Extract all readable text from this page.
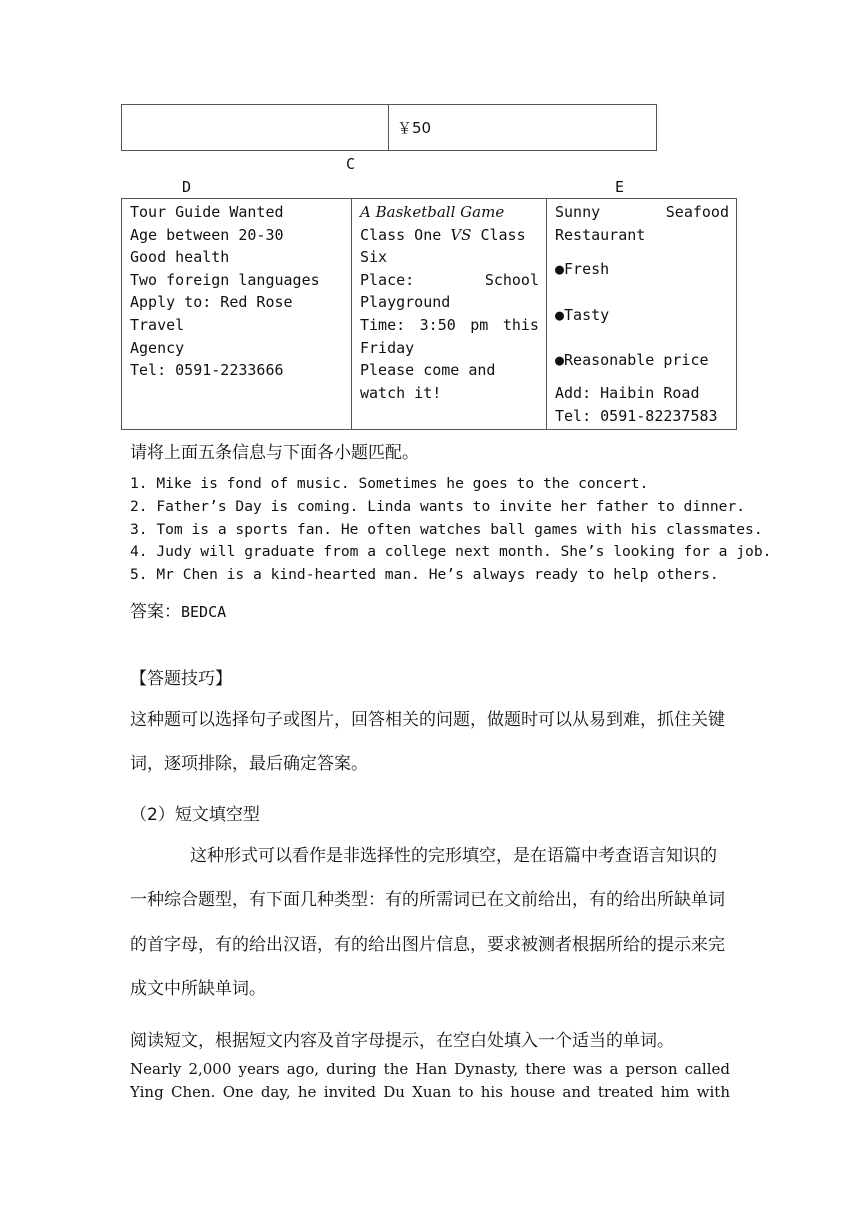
	￥50
C
D	E
Tour Guide Wanted
Age between 20-30
Good health
Two foreign languages
Apply to: Red Rose Travel
Agency
Tel: 0591-2233666

A Basketball Game
Class One VS Class Six
Place:	School
Playground
Time: 3:50 pm this
Friday
Please come and watch it!

Sunny	Seafood
Restaurant
●Fresh
●Tasty
●Reasonable price
Add: Haibin Road
Tel: 0591-82237583
请将上面五条信息与下面各小题匹配。
1. Mike is fond of music. Sometimes he goes to the concert.
2. Father’s Day is coming. Linda wants to invite her father to dinner.
3. Tom is a sports fan. He often watches ball games with his classmates.
4. Judy will graduate from a college next month. She’s looking for a job.
5. Mr Chen is a kind-hearted man. He’s always ready to help others.
答案：BEDCA
【答题技巧】
这种题可以选择句子或图片，回答相关的问题，做题时可以从易到难，抓住关键词，逐项排除，最后确定答案。
（2）短文填空型
这种形式可以看作是非选择性的完形填空，是在语篇中考查语言知识的一种综合题型，有下面几种类型：有的所需词已在文前给出，有的给出所缺单词的首字母，有的给出汉语，有的给出图片信息，要求被测者根据所给的提示来完成文中所缺单词。
阅读短文，根据短文内容及首字母提示，在空白处填入一个适当的单词。
Nearly 2,000 years ago, during the Han Dynasty, there was a person called Ying Chen. One day, he invited Du Xuan to his house and treated him with
